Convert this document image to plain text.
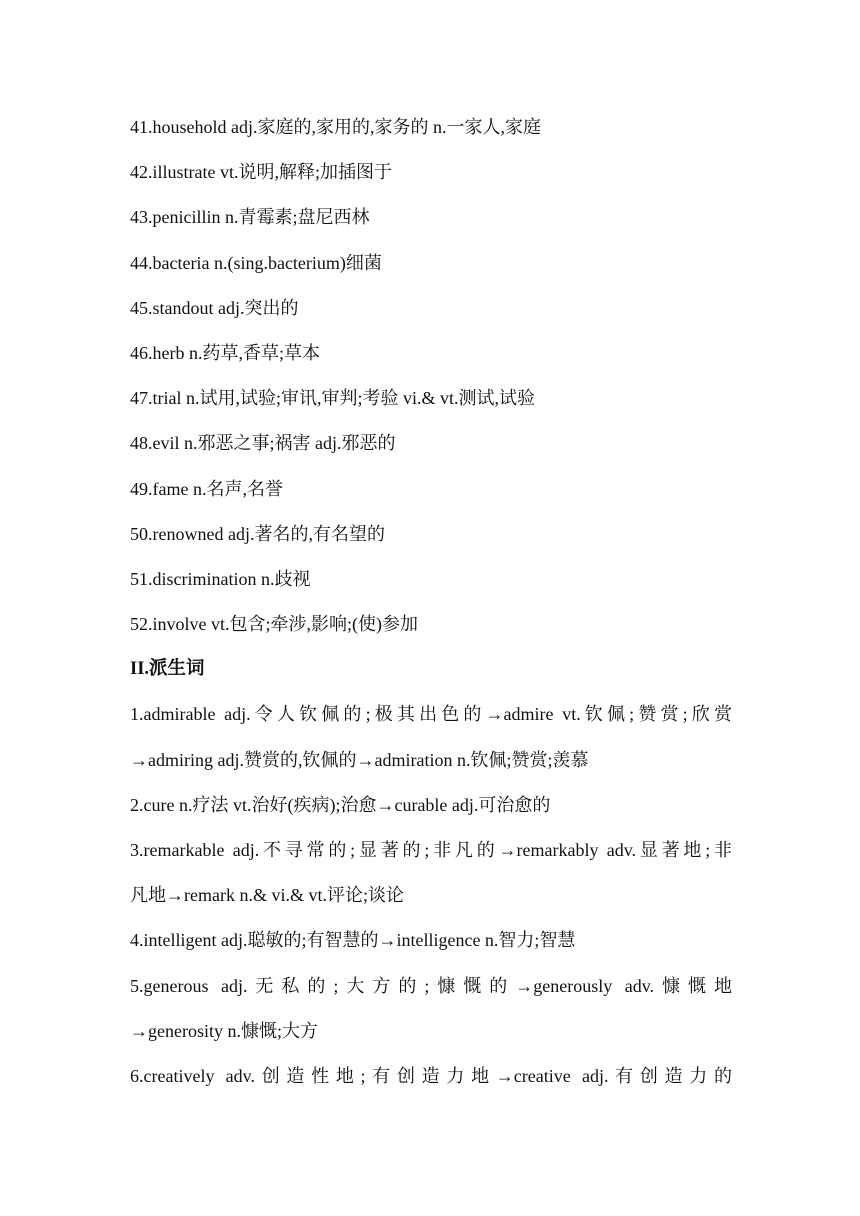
41.household adj.家庭的,家用的,家务的 n.一家人,家庭
42.illustrate vt.说明,解释;加插图于
43.penicillin n.青霉素;盘尼西林
44.bacteria n.(sing.bacterium)细菌
45.standout adj.突出的
46.herb n.药草,香草;草本
47.trial n.试用,试验;审讯,审判;考验 vi.& vt.测试,试验
48.evil n.邪恶之事;祸害 adj.邪恶的
49.fame n.名声,名誉
50.renowned adj.著名的,有名望的
51.discrimination n.歧视
52.involve vt.包含;牵涉,影响;(使)参加
II.派生词
1.admirable adj.令人钦佩的;极其出色的→admire vt.钦佩;赞赏;欣赏
→admiring adj.赞赏的,钦佩的→admiration n.钦佩;赞赏;羡慕
2.cure n.疗法 vt.治好(疾病);治愈→curable adj.可治愈的
3.remarkable adj.不寻常的;显著的;非凡的→remarkably adv.显著地;非
凡地→remark n.& vi.& vt.评论;谈论
4.intelligent adj.聪敏的;有智慧的→intelligence n.智力;智慧
5.generous adj.无私的;大方的;慷慨的→generously adv.慷慨地
→generosity n.慷慨;大方
6.creatively adv.创造性地;有创造力地→creative adj.有创造力的
